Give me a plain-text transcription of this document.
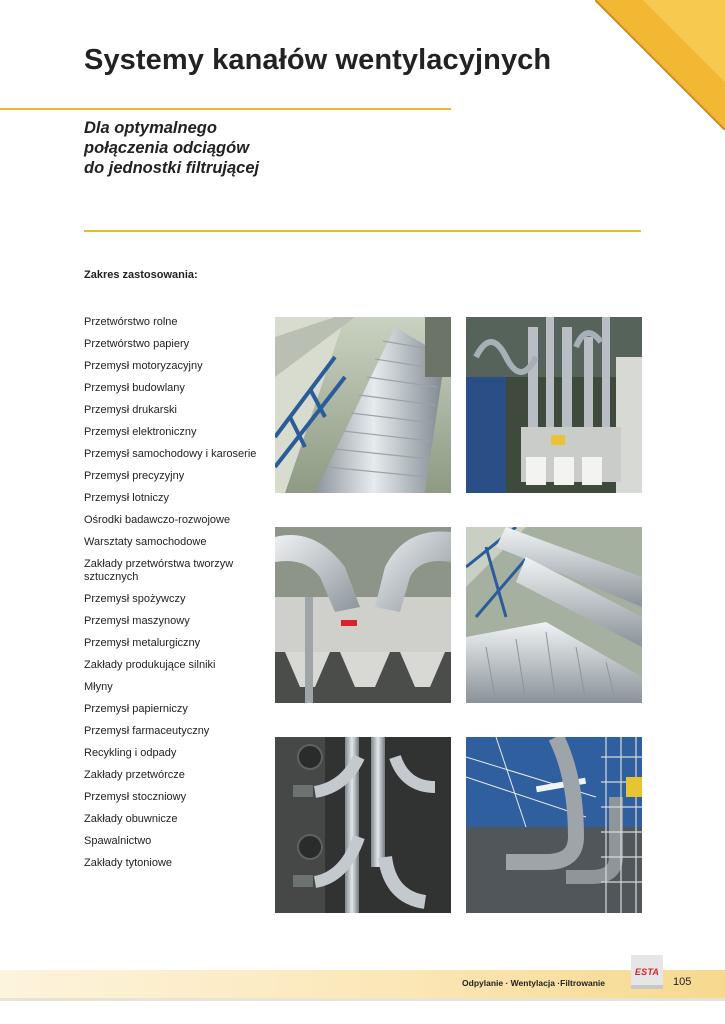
Systemy kanałów wentylacyjnych
Dla optymalnego
połączenia odciągów
do jednostki filtrującej
Zakres zastosowania:
Przetwórstwo rolne
Przetwórstwo papiery
Przemysł motoryzacyjny
Przemysł budowlany
Przemysł drukarski
Przemysł elektroniczny
Przemysł samochodowy i karoserie
Przemysł precyzyjny
Przemysł lotniczy
Ośrodki badawczo-rozwojowe
Warsztaty samochodowe
Zakłady przetwórstwa tworzyw sztucznych
Przemysł spożywczy
Przemysł maszynowy
Przemysł metalurgiczny
Zakłady produkujące silniki
Młyny
Przemysł papierniczy
Przemysł farmaceutyczny
Recykling i odpady
Zakłady przetwórcze
Przemysł stoczniowy
Zakłady obuwnicze
Spawalnictwo
Zakłady tytoniowe
Odpylanie · Wentylacja ·Filtrowanie
ESTA
105
